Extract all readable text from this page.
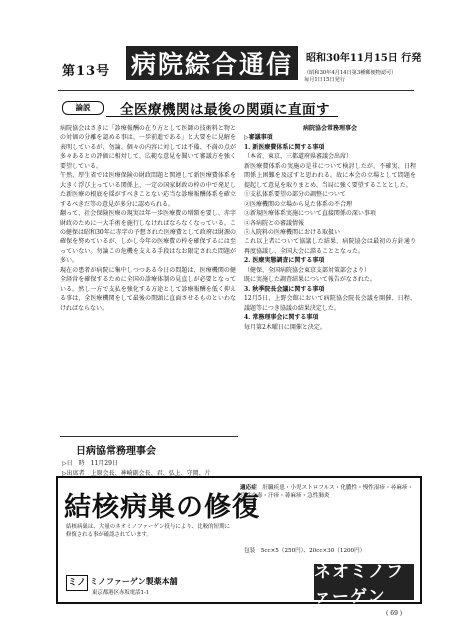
第13号 病院綜合通信 昭和30年11月15日 行発
（昭和30年4月14日第3種郵便物認可）
毎月1日15日発行
論説	全医療機関は最後の関頭に直面す

病院協会はさきに「診療報酬の在り方として医師の技術料と物との対価の分離を認める事は、一歩前進である」と大要をに見解を表明しているが、勿論、個々の内容に対しては不備、不満の点が多々あるとの評価に相対して、広範な意見を聞いて審議方を強く要望している。

午然、厚生省では医療保険の財政問題と関連して新医療費体系を大きく浮び上っている関係上、一定の国家財政の枠の中で発足した新医療の根底を揺がすべきことない応当な診療報酬体系を確立するべきだ等の意見が多分に認められる。

翻って、社会保険医療の現実は年一歩医療費の増額を要し、赤字財政のために一大手術を施行しなければならなくなっている。この健保は昭和30年に赤字の予想された医療費として政府は財源の確保を努めているが、しかし今年の医療費の枠を確保するには至っていない。勿論この危機を支える手段はなお限定された問題が多い。

現在の患者が病院に集中しつつある今日の問題は、医療機関の健全経営を確保するために全国の診療体制の見直しが必要となっている。然し一方で支払を強化する方途として診療報酬を低く抑える事は、全医療機関をして最後の関頭に直面させるものといわなければならない。

病院協会常務理事会

▷審議事項

1. 新医療費体系に関する事項

（本省、東京、三都道府県審議会出席）

新医療費体系の実施の是非について検討したが、不確実、日程関係上困難を及ぼすと思われる。故に本会の立場として問題を提起して意見を取りまとめ、当局に強く要望することとした。

①支払体系要望の部分の調整について

②医療機関の立場から見た体系の不合理

③新規医療体系実施について直接関係の深い事項

④各病院との審議情報

⑤入院料の医療機関における取扱い

これ以上者について協議した結果、病院協会は最初の方針通り再度協議し、全国大会に諮ることとなった。

2. 医療実態調査に関する事項

（健保、全国病院協会東京支部対策部会より）

既に実施した調査結果について報告がなされた。

3. 秋季院長会議に関する事項

12月5日、上野会館において病院協会院長会議を開催、日程、議題等につき協議の結果決定した。

4. 常務理事会に関する事項

毎月第2木曜日に開催と決定。

日病協常務理事会
▷日　時　 11月29日
▷出席者　 上原会長、神崎副会長、君、弘上、守岡、片
結核病巣の修復
結核病巣は、大量のネオミノファーゲン投与により、比較的短期に修復される事が確認されています。
適応症　 肝臓疾患・小児ストロフルス・化膿性・慢性湿疹・尋麻疹・急性中毒・汗疹・蕁麻疹・急性肺炎
包装　5cc×5（250円）、20cc×30（1200円）
ミノ ミノファーゲン製薬本舗
東京都港区赤坂電話1-1
ネオミノファーゲン
( 69 )
